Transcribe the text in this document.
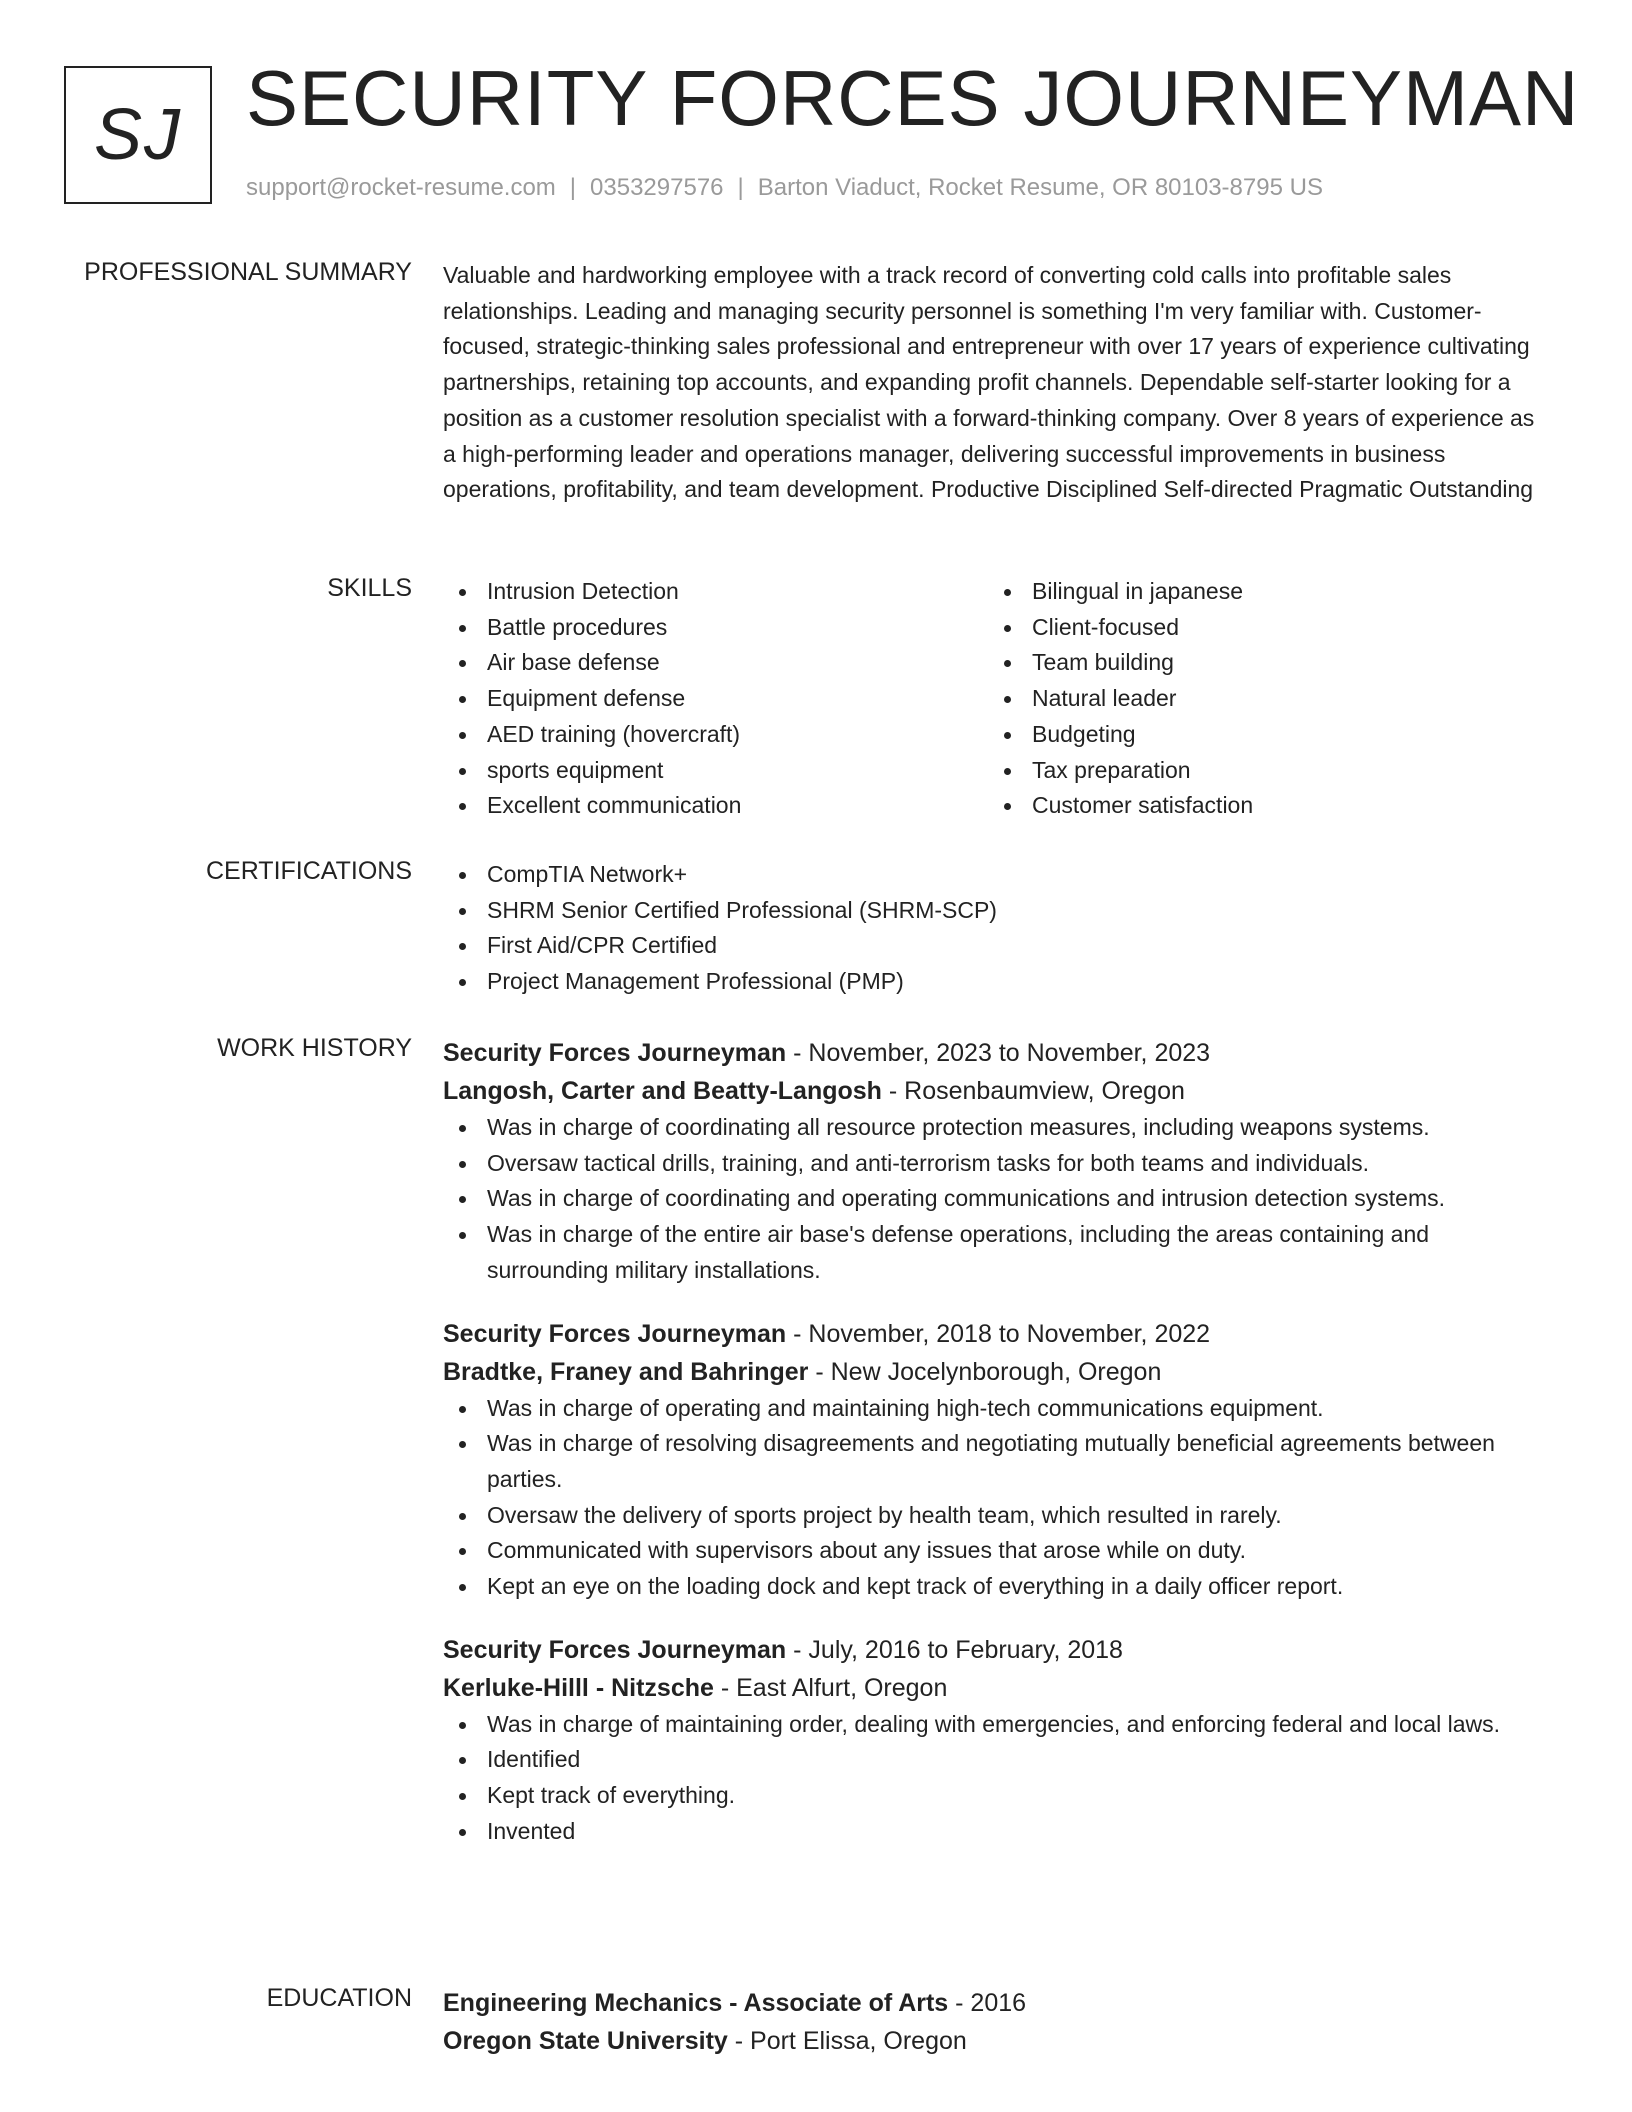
SJ SECURITY FORCES JOURNEYMAN
support@rocket-resume.com | 0353297576 | Barton Viaduct, Rocket Resume, OR 80103-8795 US
PROFESSIONAL SUMMARY Valuable and hardworking employee with a track record of converting cold calls into profitable sales relationships. Leading and managing security personnel is something I'm very familiar with. Customer-focused, strategic-thinking sales professional and entrepreneur with over 17 years of experience cultivating partnerships, retaining top accounts, and expanding profit channels. Dependable self-starter looking for a position as a customer resolution specialist with a forward-thinking company. Over 8 years of experience as a high-performing leader and operations manager, delivering successful improvements in business operations, profitability, and team development. Productive Disciplined Self-directed Pragmatic Outstanding

SKILLS	Intrusion Detection
Battle procedures
Air base defense
Equipment defense
AED training (hovercraft)
sports equipment
Excellent communication
Bilingual in japanese
Client-focused
Team building
Natural leader
Budgeting
Tax preparation
Customer satisfaction
CERTIFICATIONS	CompTIA Network+
SHRM Senior Certified Professional (SHRM-SCP)
First Aid/CPR Certified
Project Management Professional (PMP)
WORK HISTORY Security Forces Journeyman - November, 2023 to November, 2023
Langosh, Carter and Beatty-Langosh - Rosenbaumview, Oregon
Was in charge of coordinating all resource protection measures, including weapons systems.
Oversaw tactical drills, training, and anti-terrorism tasks for both teams and individuals.
Was in charge of coordinating and operating communications and intrusion detection systems.
Was in charge of the entire air base's defense operations, including the areas containing and surrounding military installations.
Security Forces Journeyman - November, 2018 to November, 2022
Bradtke, Franey and Bahringer - New Jocelynborough, Oregon
Was in charge of operating and maintaining high-tech communications equipment.
Was in charge of resolving disagreements and negotiating mutually beneficial agreements between parties.
Oversaw the delivery of sports project by health team, which resulted in rarely.
Communicated with supervisors about any issues that arose while on duty.
Kept an eye on the loading dock and kept track of everything in a daily officer report.
Security Forces Journeyman - July, 2016 to February, 2018
Kerluke-Hilll - Nitzsche - East Alfurt, Oregon
Was in charge of maintaining order, dealing with emergencies, and enforcing federal and local laws.
Identified
Kept track of everything.
Invented
EDUCATION Engineering Mechanics - Associate of Arts - 2016
Oregon State University - Port Elissa, Oregon
